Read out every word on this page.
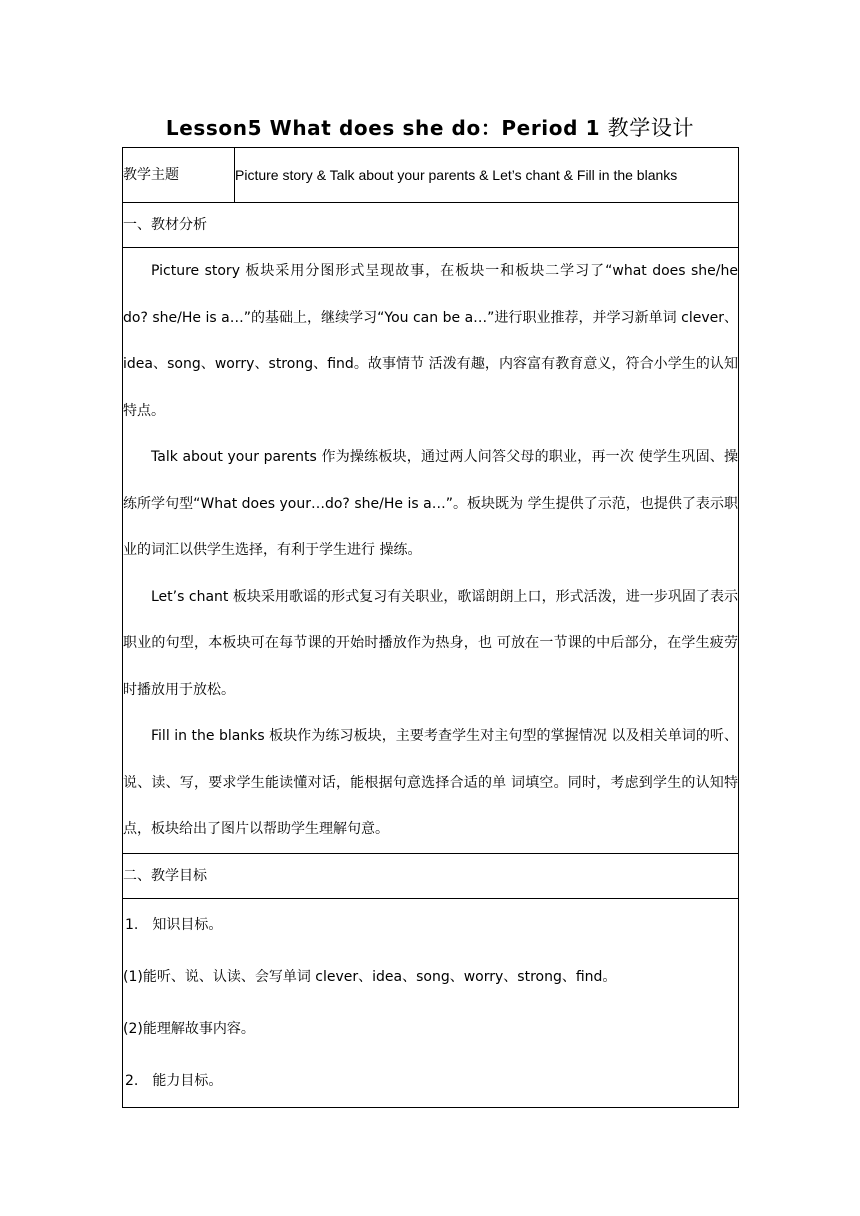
Lesson5 What does she do：Period 1 教学设计
教学主题	Picture story & Talk about your parents & Let’s chant & Fill in the blanks
一、教材分析

Picture story 板块采用分图形式呈现故事，在板块一和板块二学习了“what does she/he do? she/He is a…”的基础上，继续学习“You can be a…”进行职业推荐，并学习新单词 clever、idea、song、worry、strong、find。故事情节 活泼有趣，内容富有教育意义，符合小学生的认知特点。

Talk about your parents 作为操练板块，通过两人问答父母的职业，再一次 使学生巩固、操练所学句型“What does your…do? she/He is a…”。板块既为 学生提供了示范，也提供了表示职业的词汇以供学生选择，有利于学生进行 操练。

Let’s chant 板块采用歌谣的形式复习有关职业，歌谣朗朗上口，形式活泼，进一步巩固了表示职业的句型，本板块可在每节课的开始时播放作为热身，也 可放在一节课的中后部分，在学生疲劳时播放用于放松。

Fill in the blanks 板块作为练习板块，主要考查学生对主句型的掌握情况 以及相关单词的听、说、读、写，要求学生能读懂对话，能根据句意选择合适的单 词填空。同时，考虑到学生的认知特点，板块给出了图片以帮助学生理解句意。

二、教学目标

1.　知识目标。

(1)能听、说、认读、会写单词 clever、idea、song、worry、strong、find。

(2)能理解故事内容。

2.　能力目标。
